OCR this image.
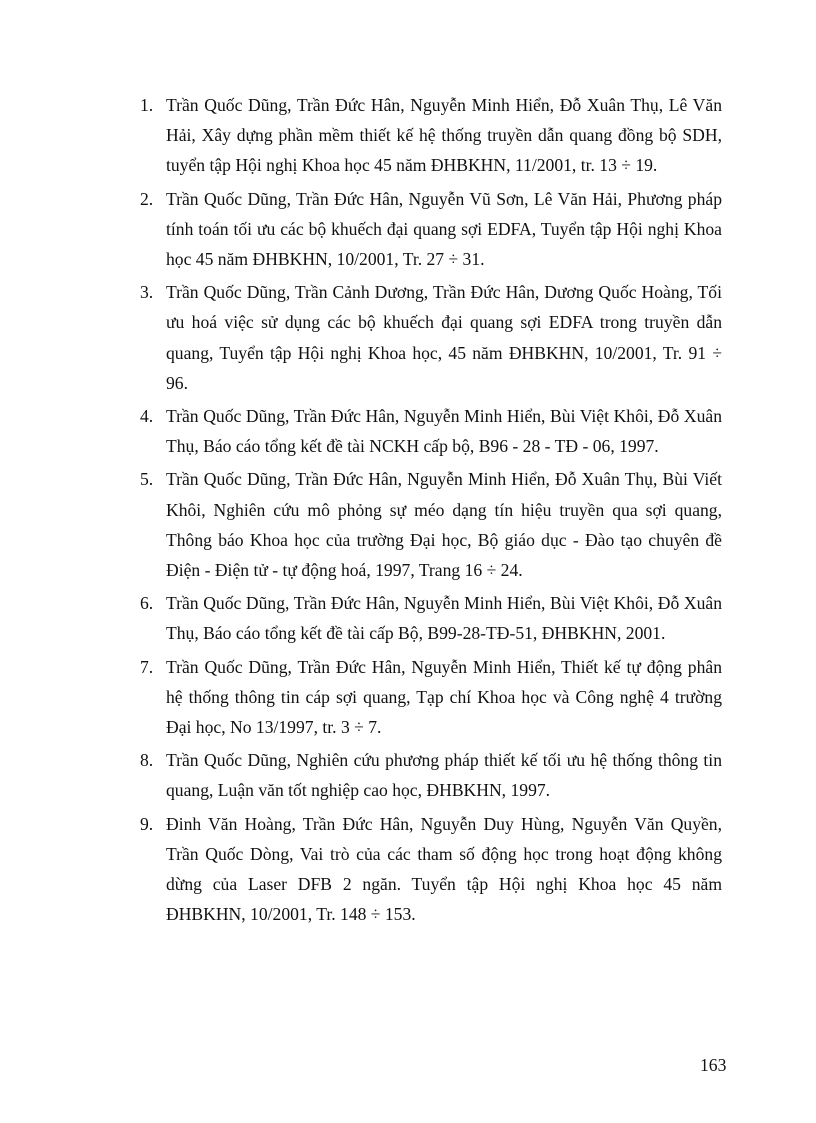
1. Trần Quốc Dũng, Trần Đức Hân, Nguyễn Minh Hiển, Đỗ Xuân Thụ, Lê Văn Hải, Xây dựng phần mềm thiết kế hệ thống truyền dẫn quang đồng bộ SDH, tuyển tập Hội nghị Khoa học 45 năm ĐHBKHN, 11/2001, tr. 13 ÷ 19.
2. Trần Quốc Dũng, Trần Đức Hân, Nguyễn Vũ Sơn, Lê Văn Hải, Phương pháp tính toán tối ưu các bộ khuếch đại quang sợi EDFA, Tuyển tập Hội nghị Khoa học 45 năm ĐHBKHN, 10/2001, Tr. 27 ÷ 31.
3. Trần Quốc Dũng, Trần Cảnh Dương, Trần Đức Hân, Dương Quốc Hoàng, Tối ưu hoá việc sử dụng các bộ khuếch đại quang sợi EDFA trong truyền dẫn quang, Tuyển tập Hội nghị Khoa học, 45 năm ĐHBKHN, 10/2001, Tr. 91 ÷ 96.
4. Trần Quốc Dũng, Trần Đức Hân, Nguyễn Minh Hiển, Bùi Việt Khôi, Đỗ Xuân Thụ, Báo cáo tổng kết đề tài NCKH cấp bộ, B96 - 28 - TĐ - 06, 1997.
5. Trần Quốc Dũng, Trần Đức Hân, Nguyễn Minh Hiển, Đỗ Xuân Thụ, Bùi Viết Khôi, Nghiên cứu mô phỏng sự méo dạng tín hiệu truyền qua sợi quang, Thông báo Khoa học của trường Đại học, Bộ giáo dục - Đào tạo chuyên đề Điện - Điện tử - tự động hoá, 1997, Trang 16 ÷ 24.
6. Trần Quốc Dũng, Trần Đức Hân, Nguyễn Minh Hiển, Bùi Việt Khôi, Đỗ Xuân Thụ, Báo cáo tổng kết đề tài cấp Bộ, B99-28-TĐ-51, ĐHBKHN, 2001.
7. Trần Quốc Dũng, Trần Đức Hân, Nguyễn Minh Hiển, Thiết kế tự động phân hệ thống thông tin cáp sợi quang, Tạp chí Khoa học và Công nghệ 4 trường Đại học, No 13/1997, tr. 3 ÷ 7.
8. Trần Quốc Dũng, Nghiên cứu phương pháp thiết kế tối ưu hệ thống thông tin quang, Luận văn tốt nghiệp cao học, ĐHBKHN, 1997.
9. Đinh Văn Hoàng, Trần Đức Hân, Nguyễn Duy Hùng, Nguyễn Văn Quyền, Trần Quốc Dòng, Vai trò của các tham số động học trong hoạt động không dừng của Laser DFB 2 ngăn. Tuyển tập Hội nghị Khoa học 45 năm ĐHBKHN, 10/2001, Tr. 148 ÷ 153.
163
